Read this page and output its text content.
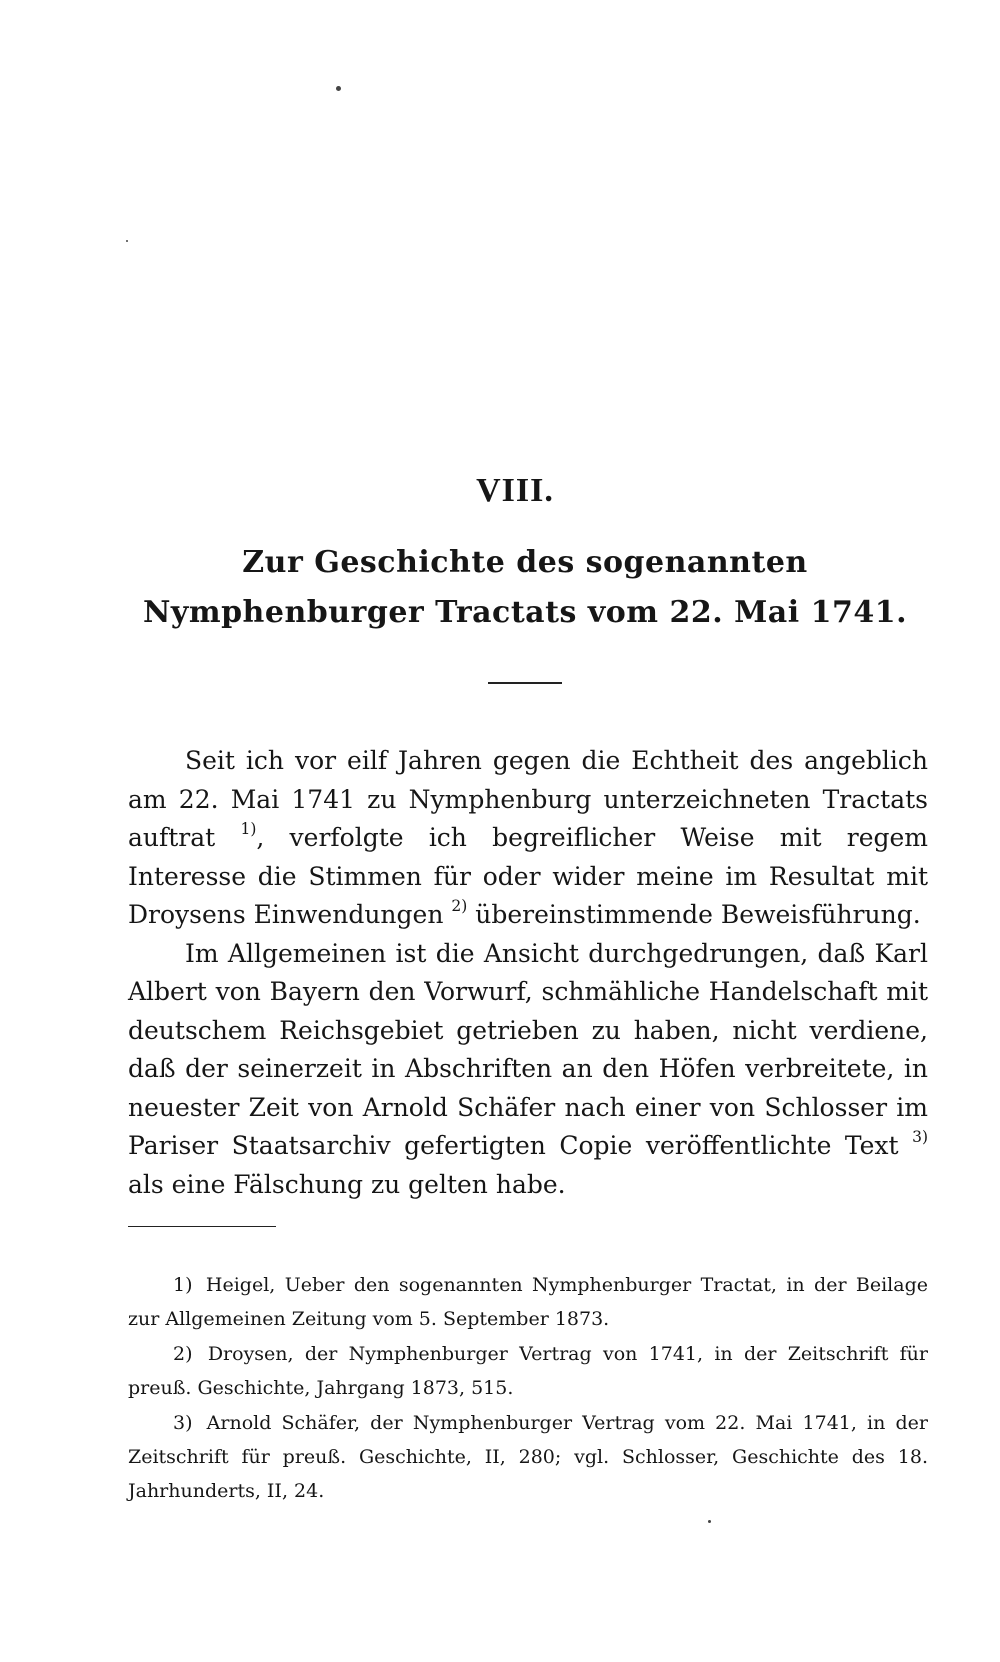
VIII.
Zur Geschichte des sogenannten Nymphenburger Tractats vom 22. Mai 1741.

Seit ich vor eilf Jahren gegen die Echtheit des angeblich am 22. Mai 1741 zu Nymphenburg unterzeichneten Tractats auftrat $^{1)}$, verfolgte ich begreiflicher Weise mit regem Interesse die Stimmen für oder wider meine im Resultat mit Droysens Einwendungen $^{2)}$ übereinstimmende Beweisführung.

Im Allgemeinen ist die Ansicht durchgedrungen, daß Karl Albert von Bayern den Vorwurf, schmähliche Handelschaft mit deutschem Reichsgebiet getrieben zu haben, nicht verdiene, daß der seinerzeit in Abschriften an den Höfen verbreitete, in neuester Zeit von Arnold Schäfer nach einer von Schlosser im Pariser Staatsarchiv gefertigten Copie veröffentlichte Text $^{3)}$ als eine Fälschung zu gelten habe.

1) Heigel, Ueber den sogenannten Nymphenburger Tractat, in der Beilage zur Allgemeinen Zeitung vom 5. September 1873.

2) Droysen, der Nymphenburger Vertrag von 1741, in der Zeitschrift für preuß. Geschichte, Jahrgang 1873, 515.

3) Arnold Schäfer, der Nymphenburger Vertrag vom 22. Mai 1741, in der Zeitschrift für preuß. Geschichte, II, 280; vgl. Schlosser, Geschichte des 18. Jahrhunderts, II, 24.
